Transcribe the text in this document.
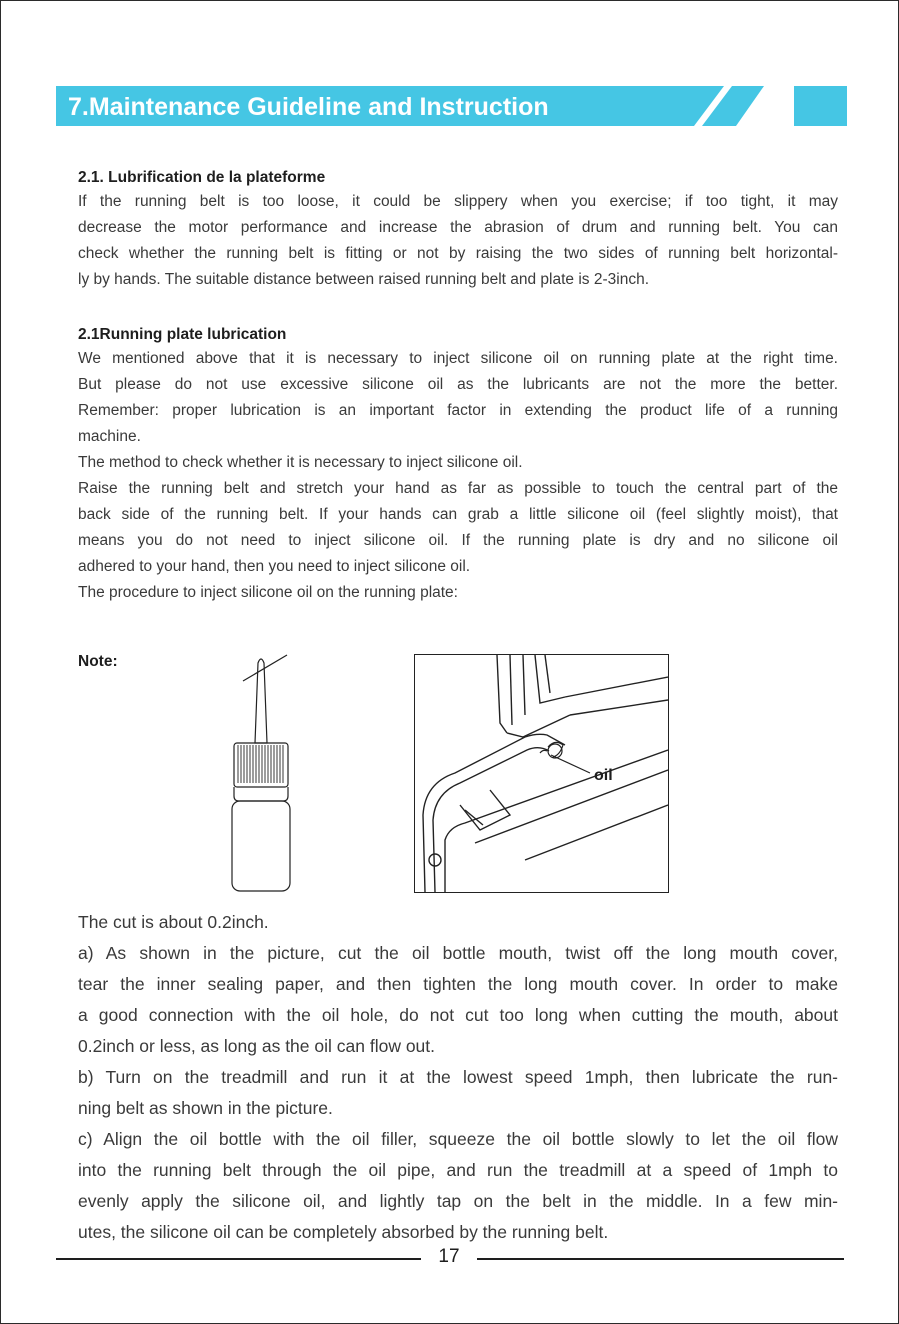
7.Maintenance Guideline and Instruction
2.1. Lubrification de la plateforme
If the running belt is too loose, it could be slippery when you exercise; if too tight, it may
decrease the motor performance and increase the abrasion of drum and running belt. You can
check whether the running belt is fitting or not by raising the two sides of running belt horizontal-
ly by hands. The suitable distance between raised running belt and plate is 2-3inch.
2.1Running plate lubrication
We mentioned above that it is necessary to inject silicone oil on running plate at the right time.
But please do not use excessive silicone oil as the lubricants are not the more the better.
Remember: proper lubrication is an important factor in extending the product life of a running
machine.
The method to check whether it is necessary to inject silicone oil.
Raise the running belt and stretch your hand as far as possible to touch the central part of the
back side of the running belt. If your hands can grab a little silicone oil (feel slightly moist), that
means you do not need to inject silicone oil. If the running plate is dry and no silicone oil
adhered to your hand, then you need to inject silicone oil.
The procedure to inject silicone oil on the running plate:
Note:
oil
The cut is about 0.2inch.
a) As shown in the picture, cut the oil bottle mouth, twist off the long mouth cover,
tear the inner sealing paper, and then tighten the long mouth cover. In order to make
a good connection with the oil hole, do not cut too long when cutting the mouth, about
0.2inch or less, as long as the oil can flow out.
b) Turn on the treadmill and run it at the lowest speed 1mph, then lubricate the run-
ning belt as shown in the picture.
c) Align the oil bottle with the oil filler, squeeze the oil bottle slowly to let the oil flow
into the running belt through the oil pipe, and run the treadmill at a speed of 1mph to
evenly apply the silicone oil, and lightly tap on the belt in the middle. In a few min-
utes, the silicone oil can be completely absorbed by the running belt.
17
